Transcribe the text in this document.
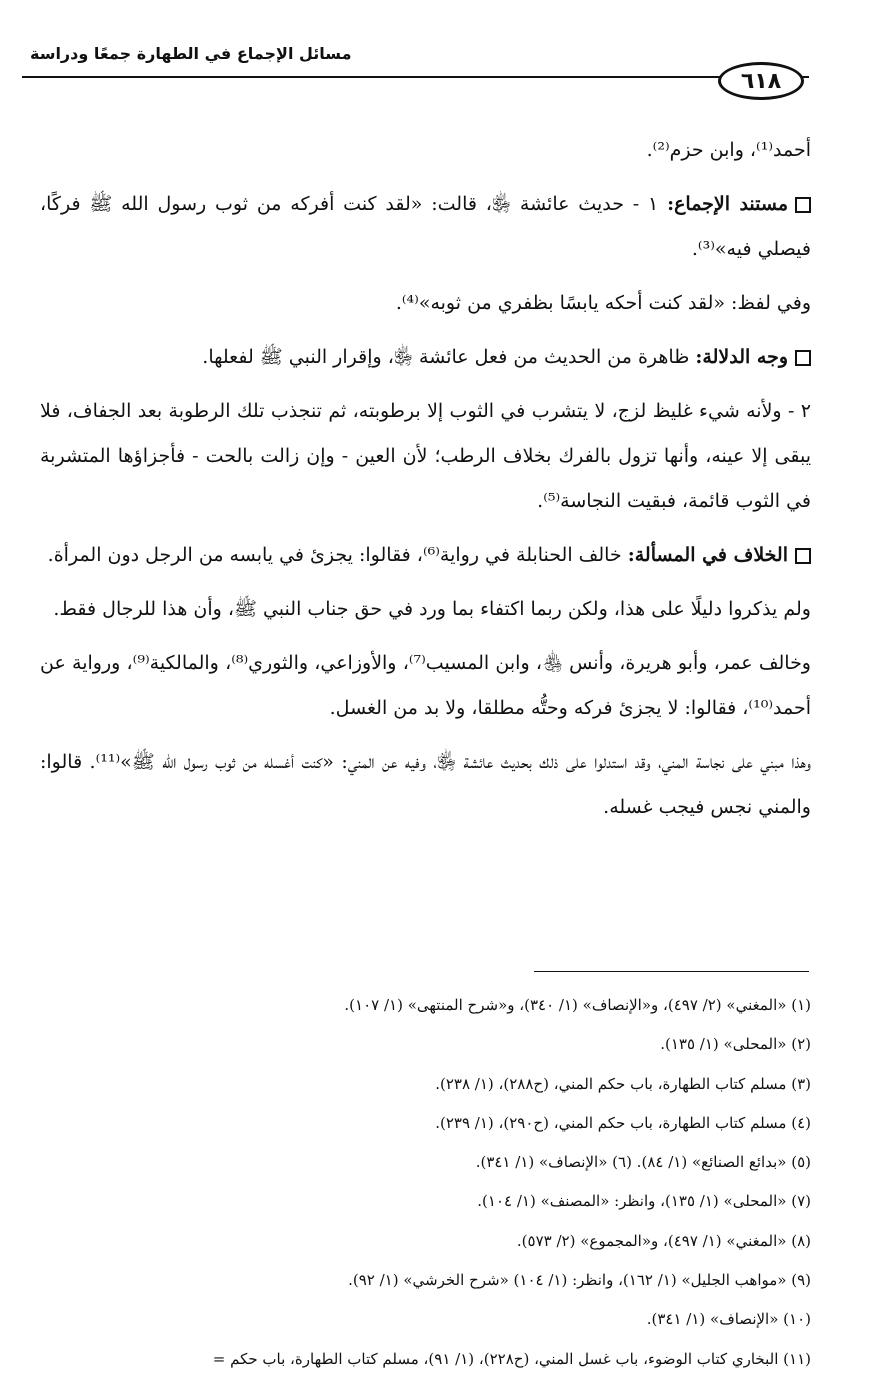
مسائل الإجماع في الطهارة جمعًا ودراسة
٦١٨

أحمد⁽¹⁾، وابن حزم⁽²⁾.

مستند الإجماع: ١ - حديث عائشة ﵂، قالت: «لقد كنت أفركه من ثوب رسول الله ﷺ فركًا، فيصلي فيه»⁽³⁾.

وفي لفظ: «لقد كنت أحكه يابسًا بظفري من ثوبه»⁽⁴⁾.

وجه الدلالة: ظاهرة من الحديث من فعل عائشة ﵂، وإقرار النبي ﷺ لفعلها.

٢ - ولأنه شيء غليظ لزج، لا يتشرب في الثوب إلا برطوبته، ثم تنجذب تلك الرطوبة بعد الجفاف، فلا يبقى إلا عينه، وأنها تزول بالفرك بخلاف الرطب؛ لأن العين - وإن زالت بالحت - فأجزاؤها المتشربة في الثوب قائمة، فبقيت النجاسة⁽⁵⁾.

الخلاف في المسألة: خالف الحنابلة في رواية⁽⁶⁾، فقالوا: يجزئ في يابسه من الرجل دون المرأة.

ولم يذكروا دليلًا على هذا، ولكن ربما اكتفاء بما ورد في حق جناب النبي ﷺ، وأن هذا للرجال فقط.

وخالف عمر، وأبو هريرة، وأنس ﵃، وابن المسيب⁽⁷⁾، والأوزاعي، والثوري⁽⁸⁾، والمالكية⁽⁹⁾، ورواية عن أحمد⁽¹⁰⁾، فقالوا: لا يجزئ فركه وحتُّه مطلقا، ولا بد من الغسل.

وهذا مبني على نجاسة المني، وقد استدلوا على ذلك بحديث عائشة ﵂، وفيه عن المني: «كنت أغسله من ثوب رسول الله ﷺ»⁽¹¹⁾. قالوا: والمني نجس فيجب غسله.

(١) «المغني» (٢/ ٤٩٧)، و«الإنصاف» (١/ ٣٤٠)، و«شرح المنتهى» (١/ ١٠٧).

(٢) «المحلى» (١/ ١٣٥).

(٣) مسلم كتاب الطهارة، باب حكم المني، (ح٢٨٨)، (١/ ٢٣٨).

(٤) مسلم كتاب الطهارة، باب حكم المني، (ح٢٩٠)، (١/ ٢٣٩).

(٥) «بدائع الصنائع» (١/ ٨٤). (٦) «الإنصاف» (١/ ٣٤١).

(٧) «المحلى» (١/ ١٣٥)، وانظر: «المصنف» (١/ ١٠٤).

(٨) «المغني» (١/ ٤٩٧)، و«المجموع» (٢/ ٥٧٣).

(٩) «مواهب الجليل» (١/ ١٦٢)، وانظر: (١/ ١٠٤) «شرح الخرشي» (١/ ٩٢).

(١٠) «الإنصاف» (١/ ٣٤١).

(١١) البخاري كتاب الوضوء، باب غسل المني، (ح٢٢٨)، (١/ ٩١)، مسلم كتاب الطهارة، باب حكم =
